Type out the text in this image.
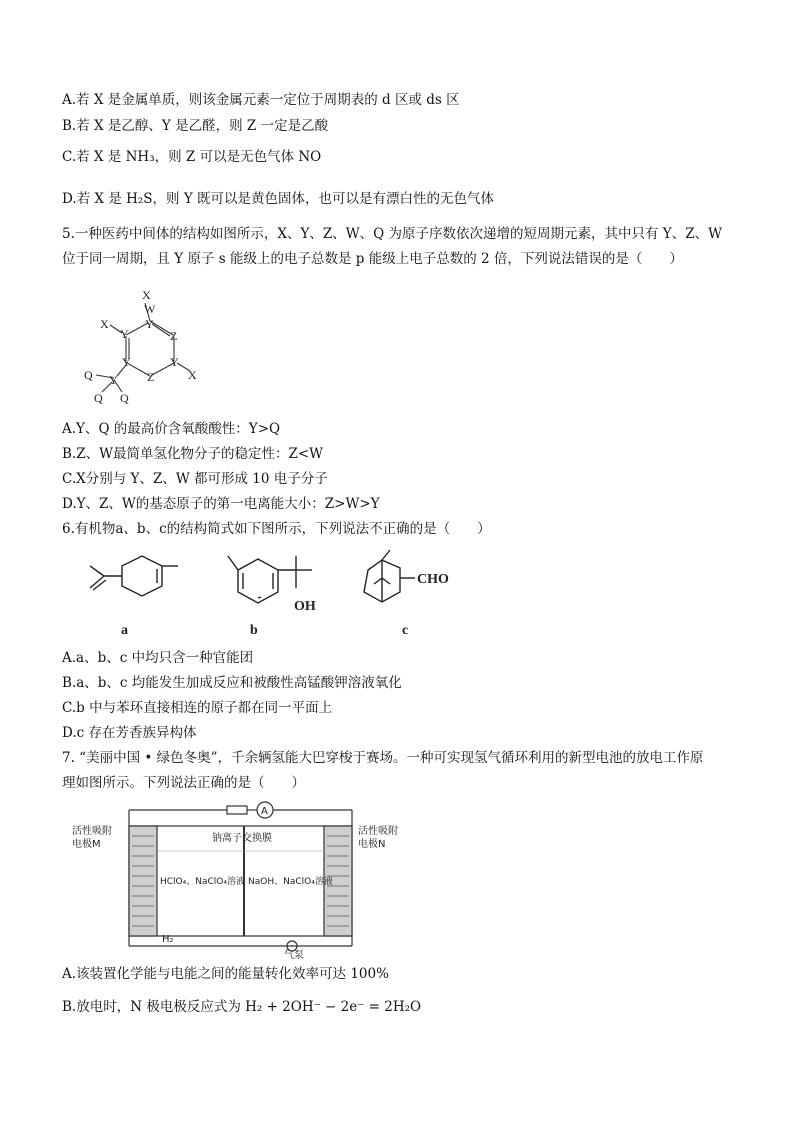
A.若 X 是金属单质，则该金属元素一定位于周期表的 d 区或 ds 区
B.若 X 是乙醇、Y 是乙醛，则 Z 一定是乙酸
C.若 X 是 NH₃，则 Z 可以是无色气体 NO
D.若 X 是 H₂S，则 Y 既可以是黄色固体，也可以是有漂白性的无色气体
5.一种医药中间体的结构如图所示，X、Y、Z、W、Q 为原子序数依次递增的短周期元素，其中只有 Y、Z、W
位于同一周期，且 Y 原子 s 能级上的电子总数是 p 能级上电子总数的 2 倍，下列说法错误的是（　　）
X
W
Y
Z
Y
Z
Y
Y
X
X
Y
Q
Q
Q
A.Y、Q 的最高价含氧酸酸性：Y>Q
B.Z、W最简单氢化物分子的稳定性：Z<W
C.X分别与 Y、Z、W 都可形成 10 电子分子
D.Y、Z、W的基态原子的第一电离能大小：Z>W>Y
6.有机物a、b、c的结构简式如下图所示，下列说法不正确的是（　　）
OH
CHO
a	b	c
A.a、b、c 中均只含一种官能团
B.a、b、c 均能发生加成反应和被酸性高锰酸钾溶液氧化
C.b 中与苯环直接相连的原子都在同一平面上
D.c 存在芳香族异构体
7. “美丽中国 • 绿色冬奥”，千余辆氢能大巴穿梭于赛场。一种可实现氢气循环利用的新型电池的放电工作原
理如图所示。下列说法正确的是（　　）
A
钠离子交换膜
活性吸附
电极M
活性吸附
电极N
HClO₄、NaClO₄溶液 NaOH、NaClO₄溶液
H₂
气泵
A.该装置化学能与电能之间的能量转化效率可达 100%
B.放电时，N 极电极反应式为 H₂ + 2OH⁻ − 2e⁻ = 2H₂O
